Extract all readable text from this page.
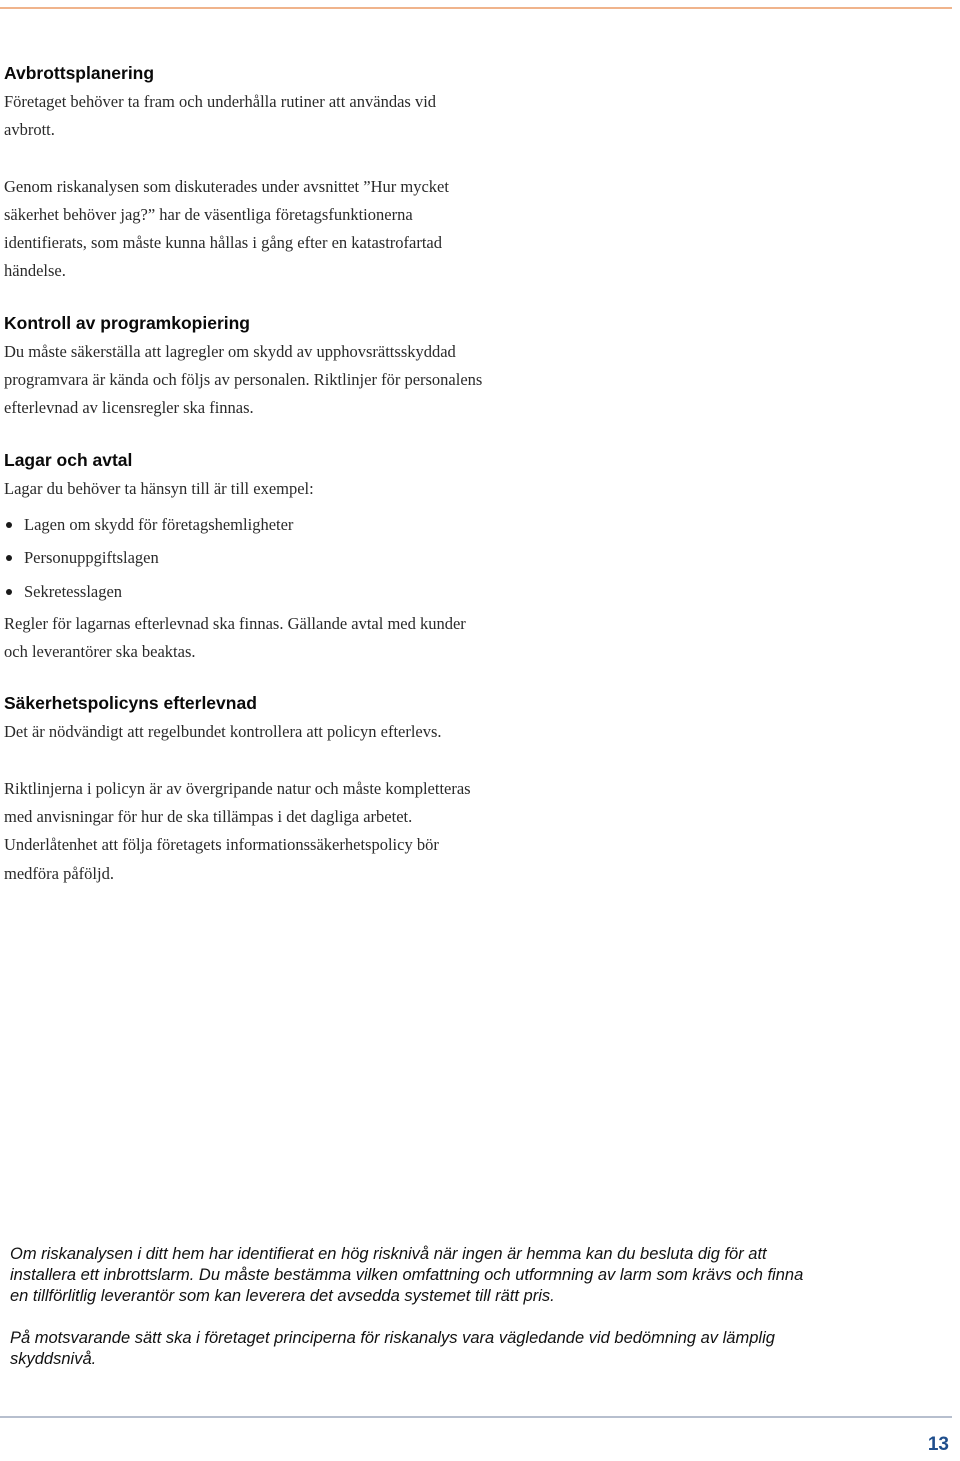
Avbrottsplanering

Företaget behöver ta fram och underhålla rutiner att användas vid avbrott.

Genom riskanalysen som diskuterades under avsnittet ”Hur mycket säkerhet behöver jag?” har de väsentliga företagsfunktionerna identifierats, som måste kunna hållas i gång efter en katastrofartad händelse.

Kontroll av programkopiering

Du måste säkerställa att lagregler om skydd av upphovsrättsskyddad programvara är kända och följs av personalen. Riktlinjer för personalens efterlevnad av licensregler ska finnas.

Lagar och avtal

Lagar du behöver ta hänsyn till är till exempel:

Lagen om skydd för företagshemligheter
Personuppgiftslagen
Sekretesslagen

Regler för lagarnas efterlevnad ska finnas. Gällande avtal med kunder och leverantörer ska beaktas.

Säkerhetspolicyns efterlevnad

Det är nödvändigt att regelbundet kontrollera att policyn efterlevs.

Riktlinjerna i policyn är av övergripande natur och måste kompletteras med anvisningar för hur de ska tillämpas i det dagliga arbetet. Underlåtenhet att följa företagets informationssäkerhetspolicy bör medföra påföljd.

Om riskanalysen i ditt hem har identifierat en hög risknivå när ingen är hemma kan du besluta dig för att installera ett inbrottslarm. Du måste bestämma vilken omfattning och utformning av larm som krävs och finna en tillförlitlig leverantör som kan leverera det avsedda systemet till rätt pris.

På motsvarande sätt ska i företaget principerna för riskanalys vara vägledande vid bedömning av lämplig skyddsnivå.

13
